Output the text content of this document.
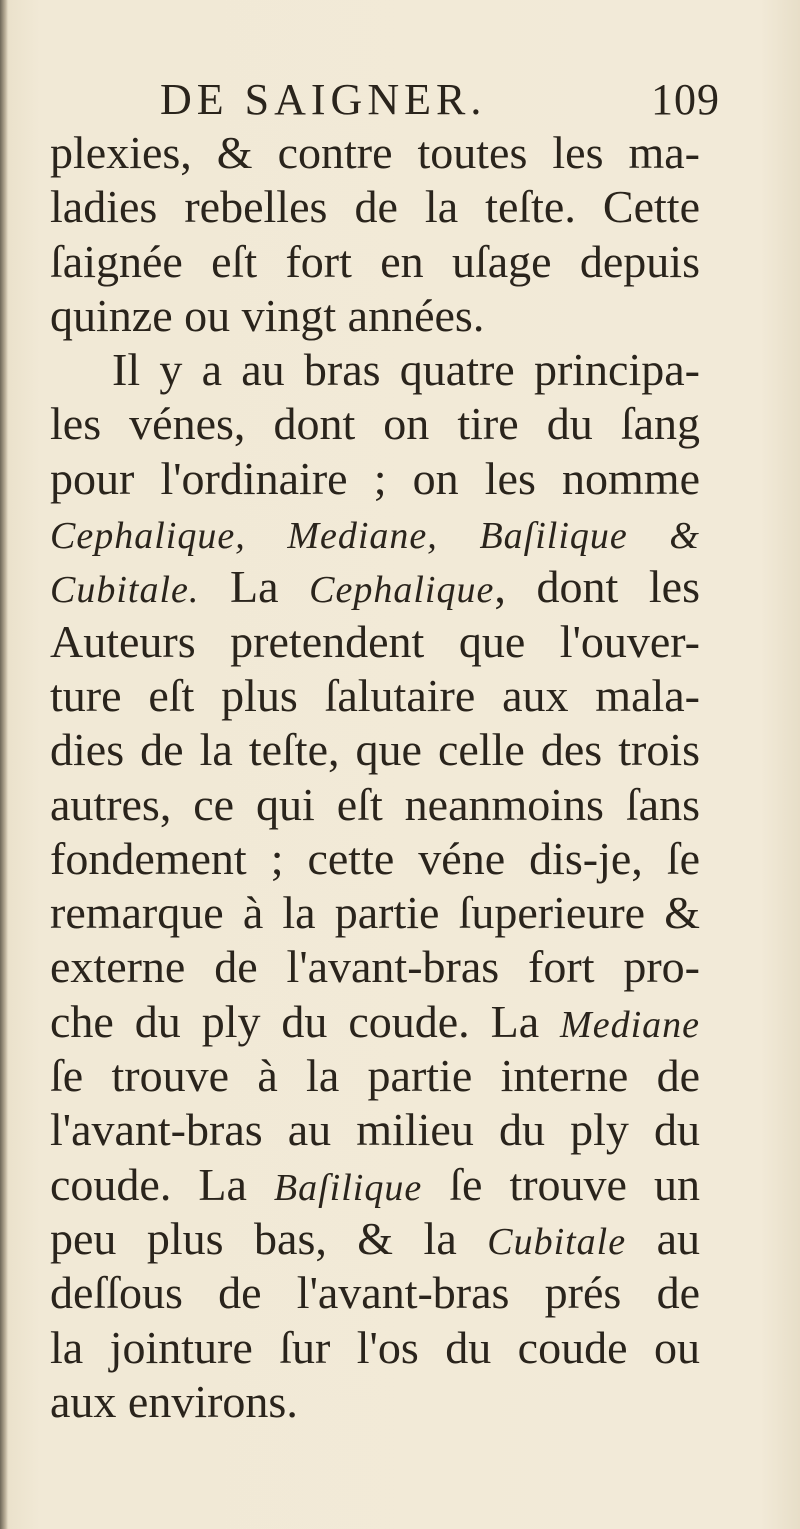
DE SAIGNER.	109
plexies, & contre toutes les ma-
ladies rebelles de la teſte. Cette
ſaignée eſt fort en uſage depuis
quinze ou vingt années.
Il y a au bras quatre principa-
les vénes, dont on tire du ſang
pour l'ordinaire ; on les nomme
Cephalique, Mediane, Baſilique &
Cubitale. La Cephalique, dont les
Auteurs pretendent que l'ouver-
ture eſt plus ſalutaire aux mala-
dies de la teſte, que celle des trois
autres, ce qui eſt neanmoins ſans
fondement ; cette véne dis-je, ſe
remarque à la partie ſuperieure &
externe de l'avant-bras fort pro-
che du ply du coude. La Mediane
ſe trouve à la partie interne de
l'avant-bras au milieu du ply du
coude. La Baſilique ſe trouve un
peu plus bas, & la Cubitale au
deſſous de l'avant-bras prés de
la jointure ſur l'os du coude ou
aux environs.
